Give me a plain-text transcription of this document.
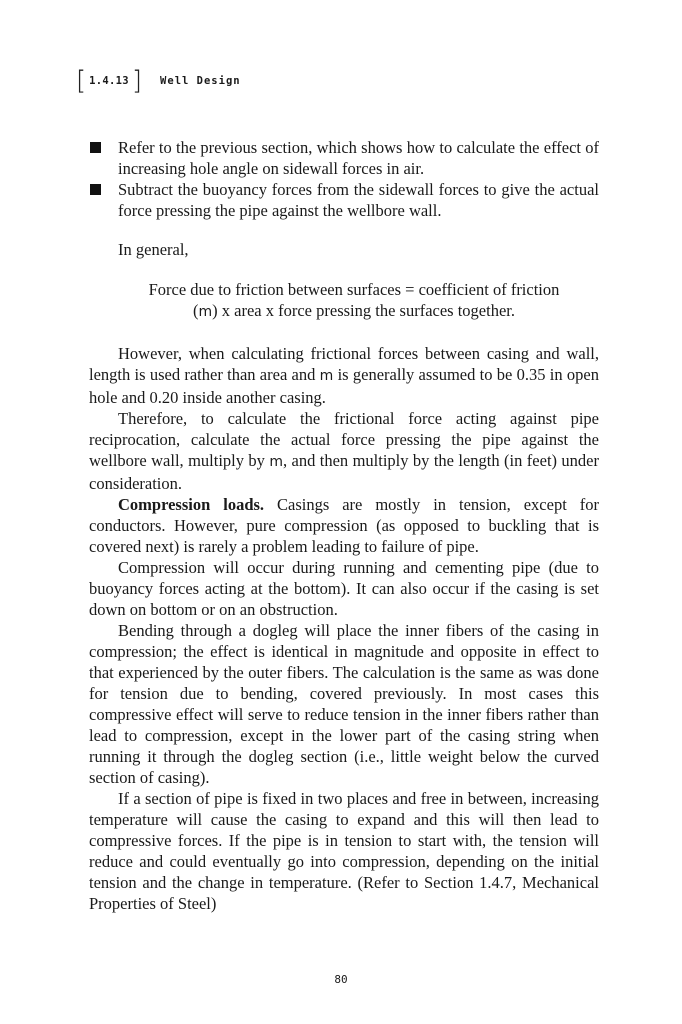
[ 1.4.13 ] Well Design
Refer to the previous section, which shows how to calculate the effect of increasing hole angle on sidewall forces in air.
Subtract the buoyancy forces from the sidewall forces to give the actual force pressing the pipe against the wellbore wall.

In general,

Force due to friction between surfaces = coefficient of friction (m) x area x force pressing the surfaces together.

However, when calculating frictional forces between casing and wall, length is used rather than area and m is generally assumed to be 0.35 in open hole and 0.20 inside another casing.

Therefore, to calculate the frictional force acting against pipe reciprocation, calculate the actual force pressing the pipe against the wellbore wall, multiply by m, and then multiply by the length (in feet) under consideration.

Compression loads. Casings are mostly in tension, except for conductors. However, pure compression (as opposed to buckling that is covered next) is rarely a problem leading to failure of pipe.

Compression will occur during running and cementing pipe (due to buoyancy forces acting at the bottom). It can also occur if the casing is set down on bottom or on an obstruction.

Bending through a dogleg will place the inner fibers of the casing in compression; the effect is identical in magnitude and opposite in effect to that experienced by the outer fibers. The calculation is the same as was done for tension due to bending, covered previously. In most cases this compressive effect will serve to reduce tension in the inner fibers rather than lead to compression, except in the lower part of the casing string when running it through the dogleg section (i.e., little weight below the curved section of casing).

If a section of pipe is fixed in two places and free in between, increasing temperature will cause the casing to expand and this will then lead to compressive forces. If the pipe is in tension to start with, the tension will reduce and could eventually go into compression, depending on the initial tension and the change in temperature. (Refer to Section 1.4.7, Mechanical Properties of Steel)

80
